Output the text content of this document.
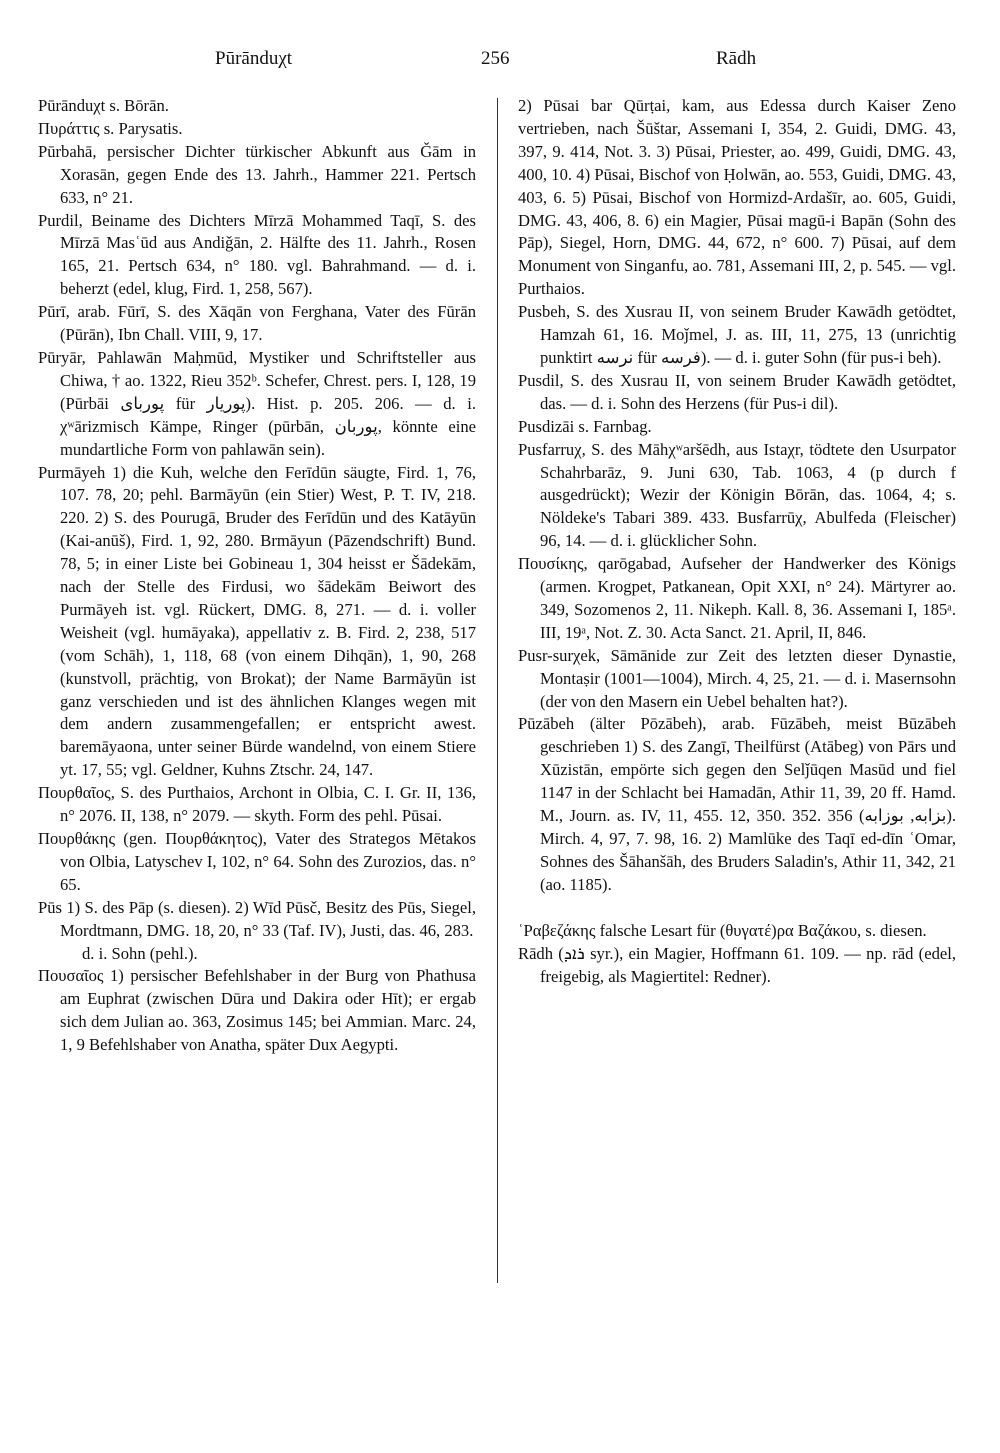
Pūrānduχt	256	Rādh

Pūrānduχt s. Bōrān.

Πυράττις s. Parysatis.

Pūrbahā, persischer Dichter türkischer Abkunft aus Ǧām in Xorasān, gegen Ende des 13. Jahrh., Hammer 221. Pertsch 633, n° 21.

Purdil, Beiname des Dichters Mīrzā Mohammed Taqī, S. des Mīrzā Masʿūd aus Andiǧān, 2. Hälfte des 11. Jahrh., Rosen 165, 21. Pertsch 634, n° 180. vgl. Bahrahmand. — d. i. beherzt (edel, klug, Fird. 1, 258, 567).

Pūrī, arab. Fūrī, S. des Xāqān von Ferghana, Vater des Fūrān (Pūrān), Ibn Chall. VIII, 9, 17.

Pūryār, Pahlawān Maḥmūd, Mystiker und Schriftsteller aus Chiwa, † ao. 1322, Rieu 352ᵇ. Schefer, Chrest. pers. I, 128, 19 (Pūrbāi پوربای für پوریار). Hist. p. 205. 206. — d. i. χʷārizmisch Kämpe, Ringer (pūrbān, پوربان, könnte eine mundartliche Form von pahlawān sein).

Purmāyeh 1) die Kuh, welche den Ferīdūn säugte, Fird. 1, 76, 107. 78, 20; pehl. Barmāyūn (ein Stier) West, P. T. IV, 218. 220. 2) S. des Pourugā, Bruder des Ferīdūn und des Katāyūn (Kai-anūš), Fird. 1, 92, 280. Brmāyun (Pāzendschrift) Bund. 78, 5; in einer Liste bei Gobineau 1, 304 heisst er Šādekām, nach der Stelle des Firdusi, wo šādekām Beiwort des Purmāyeh ist. vgl. Rückert, DMG. 8, 271. — d. i. voller Weisheit (vgl. humāyaka), appellativ z. B. Fird. 2, 238, 517 (vom Schāh), 1, 118, 68 (von einem Dihqān), 1, 90, 268 (kunstvoll, prächtig, von Brokat); der Name Barmāyūn ist ganz verschieden und ist des ähnlichen Klanges wegen mit dem andern zusammengefallen; er entspricht awest. baremāyaona, unter seiner Bürde wandelnd, von einem Stiere yt. 17, 55; vgl. Geldner, Kuhns Ztschr. 24, 147.

Πουρθαῖος, S. des Purthaios, Archont in Olbia, C. I. Gr. II, 136, n° 2076. II, 138, n° 2079. — skyth. Form des pehl. Pūsai.

Πουρθάκης (gen. Πουρθάκητος), Vater des Strategos Mētakos von Olbia, Latyschev I, 102, n° 64. Sohn des Zurozios, das. n° 65.

Pūs 1) S. des Pāp (s. diesen). 2) Wīd Pūsč, Besitz des Pūs, Siegel, Mordtmann, DMG. 18, 20, n° 33 (Taf. IV), Justi, das. 46, 283.

d. i. Sohn (pehl.).

Πουσαῖος 1) persischer Befehlshaber in der Burg von Phathusa am Euphrat (zwischen Dūra und Dakira oder Hīt); er ergab sich dem Julian ao. 363, Zosimus 145; bei Ammian. Marc. 24, 1, 9 Befehlshaber von Anatha, später Dux Aegypti.

2) Pūsai bar Qūrṭai, kam, aus Edessa durch Kaiser Zeno vertrieben, nach Šūštar, Assemani I, 354, 2. Guidi, DMG. 43, 397, 9. 414, Not. 3. 3) Pūsai, Priester, ao. 499, Guidi, DMG. 43, 400, 10. 4) Pūsai, Bischof von Ḥolwān, ao. 553, Guidi, DMG. 43, 403, 6. 5) Pūsai, Bischof von Hormizd-Ardašīr, ao. 605, Guidi, DMG. 43, 406, 8. 6) ein Magier, Pūsai magū-i Bapān (Sohn des Pāp), Siegel, Horn, DMG. 44, 672, n° 600. 7) Pūsai, auf dem Monument von Singanfu, ao. 781, Assemani III, 2, p. 545. — vgl. Purthaios.

Pusbeh, S. des Xusrau II, von seinem Bruder Kawādh getödtet, Hamzah 61, 16. Moǰmel, J. as. III, 11, 275, 13 (unrichtig punktirt نرسه für فرسه). — d. i. guter Sohn (für pus-i beh).

Pusdil, S. des Xusrau II, von seinem Bruder Kawādh getödtet, das. — d. i. Sohn des Herzens (für Pus-i dil).

Pusdizāi s. Farnbag.

Pusfarruχ, S. des Māhχʷaršēdh, aus Istaχr, tödtete den Usurpator Schahrbarāz, 9. Juni 630, Tab. 1063, 4 (p durch f ausgedrückt); Wezir der Königin Bōrān, das. 1064, 4; s. Nöldeke's Tabari 389. 433. Busfarrūχ, Abulfeda (Fleischer) 96, 14. — d. i. glücklicher Sohn.

Πουσίκης, qarōgabad, Aufseher der Handwerker des Königs (armen. Krogpet, Patkanean, Opit XXI, n° 24). Märtyrer ao. 349, Sozomenos 2, 11. Nikeph. Kall. 8, 36. Assemani I, 185ᵃ. III, 19ᵃ, Not. Z. 30. Acta Sanct. 21. April, II, 846.

Pusr-surχek, Sāmānide zur Zeit des letzten dieser Dynastie, Montaṣir (1001—1004), Mirch. 4, 25, 21. — d. i. Masernsohn (der von den Masern ein Uebel behalten hat?).

Pūzābeh (älter Pōzābeh), arab. Fūzābeh, meist Būzābeh geschrieben 1) S. des Zangī, Theilfürst (Atābeg) von Pārs und Xūzistān, empörte sich gegen den Selǰūqen Masūd und fiel 1147 in der Schlacht bei Hamadān, Athir 11, 39, 20 ff. Hamd. M., Journ. as. IV, 11, 455. 12, 350. 352. 356 (بزابه, بوزابه). Mirch. 4, 97, 7. 98, 16. 2) Mamlūke des Taqī ed-dīn ʿOmar, Sohnes des Šāhanšāh, des Bruders Saladin's, Athir 11, 342, 21 (ao. 1185).

ʿΡαβεζάκης falsche Lesart für (θυγατέ)ρα Βαζάκου, s. diesen.

Rādh (ܪܐܕ syr.), ein Magier, Hoffmann 61. 109. — np. rād (edel, freigebig, als Magiertitel: Redner).
